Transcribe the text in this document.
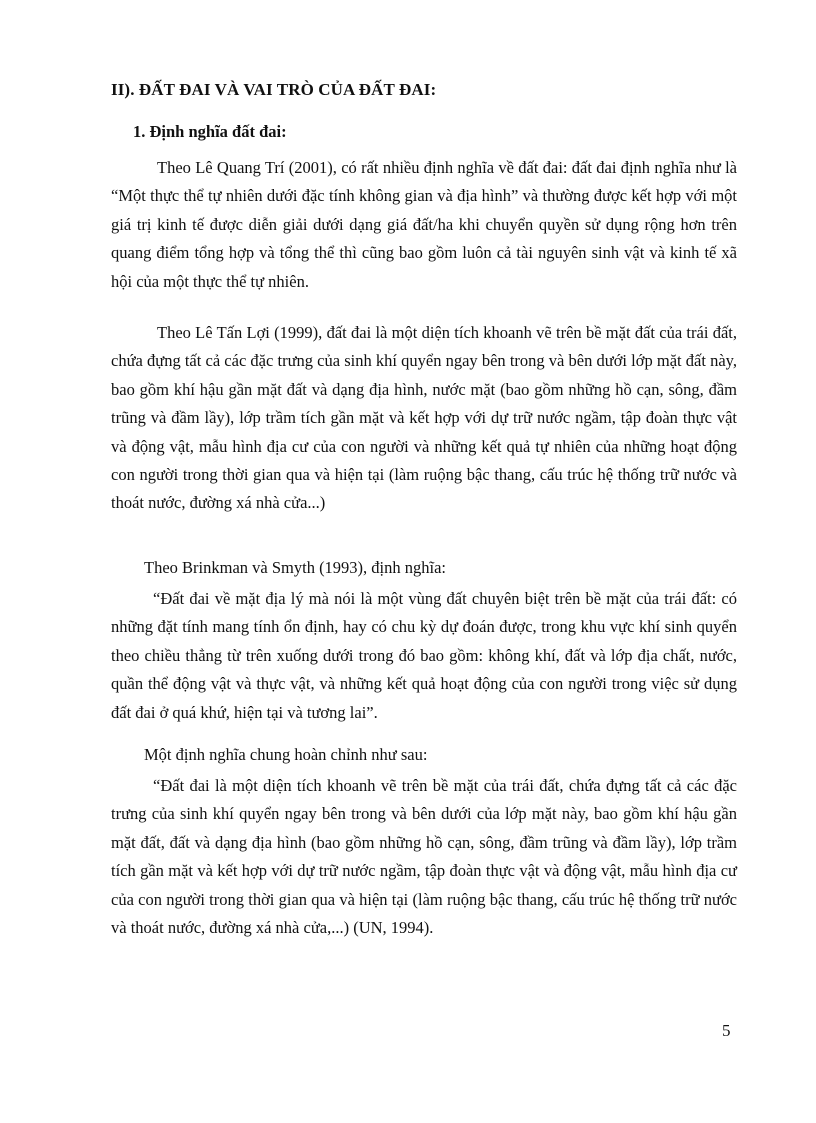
II). ĐẤT ĐAI VÀ VAI TRÒ CỦA ĐẤT ĐAI:
1. Định nghĩa đất đai:

Theo Lê Quang Trí (2001), có rất nhiều định nghĩa về đất đai: đất đai định nghĩa như là “Một thực thể tự nhiên dưới đặc tính không gian và địa hình” và thường được kết hợp với một giá trị kinh tế được diễn giải dưới dạng giá đất/ha khi chuyển quyền sử dụng rộng hơn trên quang điểm tổng hợp và tổng thể thì cũng bao gồm luôn cả tài nguyên sinh vật và kinh tế xã hội của một thực thể tự nhiên.

Theo Lê Tấn Lợi (1999), đất đai là một diện tích khoanh vẽ trên bề mặt đất của trái đất, chứa đựng tất cả các đặc trưng của sinh khí quyển ngay bên trong và bên dưới lớp mặt đất này, bao gồm khí hậu gần mặt đất và dạng địa hình, nước mặt (bao gồm những hồ cạn, sông, đầm trũng và đầm lầy), lớp trầm tích gần mặt và kết hợp với dự trữ nước ngầm, tập đoàn thực vật và động vật, mẫu hình địa cư của con người và những kết quả tự nhiên của những hoạt động con người trong thời gian qua và hiện tại (làm ruộng bậc thang, cấu trúc hệ thống trữ nước và thoát nước, đường xá nhà cửa...)

Theo Brinkman và Smyth (1993), định nghĩa:

“Đất đai về mặt địa lý mà nói là một vùng đất chuyên biệt trên bề mặt của trái đất: có những đặt tính mang tính ổn định, hay có chu kỳ dự đoán được, trong khu vực khí sinh quyển theo chiều thẳng từ trên xuống dưới trong đó bao gồm: không khí, đất và lớp địa chất, nước, quần thể động vật và thực vật, và những kết quả hoạt động của con người trong việc sử dụng đất đai ở quá khứ, hiện tại và tương lai”.

Một định nghĩa chung hoàn chỉnh như sau:

“Đất đai là một diện tích khoanh vẽ trên bề mặt của trái đất, chứa đựng tất cả các đặc trưng của sinh khí quyển ngay bên trong và bên dưới của lớp mặt này, bao gồm khí hậu gần mặt đất, đất và dạng địa hình (bao gồm những hồ cạn, sông, đầm trũng và đầm lầy), lớp trầm tích gần mặt và kết hợp với dự trữ nước ngầm, tập đoàn thực vật và động vật, mẫu hình địa cư của con người trong thời gian qua và hiện tại (làm ruộng bậc thang, cấu trúc hệ thống trữ nước và thoát nước, đường xá nhà cửa,...) (UN, 1994).

5
